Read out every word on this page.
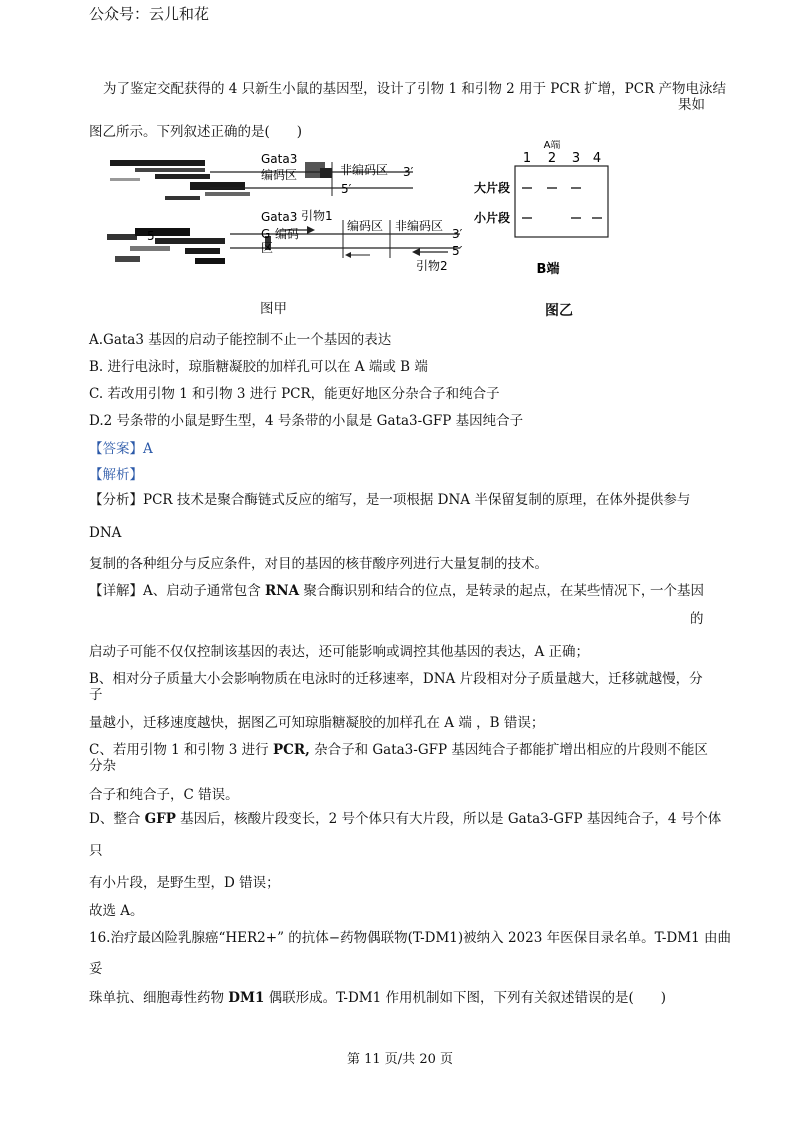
公众号：云儿和花
为了鉴定交配获得的 4 只新生小鼠的基因型，设计了引物 1 和引物 2 用于 PCR 扩增，PCR 产物电泳结
果如
图乙所示。下列叙述正确的是(　　)
Gata3
编码区	非编码区 3′
5′
Gata3 引物1
编码
区
5	G
编码区 非编码区
3′
5′
引物2
图甲
A端
1 2 3 4
大片段
小片段
B端
图乙
A.Gata3 基因的启动子能控制不止一个基因的表达
B. 进行电泳时，琼脂糖凝胶的加样孔可以在 A 端或 B 端
C. 若改用引物 1 和引物 3 进行 PCR，能更好地区分杂合子和纯合子
D.2 号条带的小鼠是野生型，4 号条带的小鼠是 Gata3-GFP 基因纯合子
【答案】A
【解析】
【分析】PCR 技术是聚合酶链式反应的缩写，是一项根据 DNA 半保留复制的原理，在体外提供参与
DNA
复制的各种组分与反应条件，对目的基因的核苷酸序列进行大量复制的技术。
【详解】A、启动子通常包含 RNA 聚合酶识别和结合的位点，是转录的起点，在某些情况下，
一个基因
的
启动子可能不仅仅控制该基因的表达，还可能影响或调控其他基因的表达，A 正确；
B、相对分子质量大小会影响物质在电泳时的迁移速率，DNA 片段相对分子质量越大，迁移就越慢，分
子
量越小，迁移速度越快，据图乙可知琼脂糖凝胶的加样孔在 A 端 ，B 错误；
C、若用引物 1 和引物 3 进行 PCR, 杂合子和 Gata3-GFP 基因纯合子都能扩增出相应的片段则不能区
分杂
合子和纯合子，C 错误。
D、整合 GFP 基因后，核酸片段变长，2 号个体只有大片段，所以是 Gata3-GFP 基因纯合子，4 号个体
只
有小片段，是野生型，D 错误；
故选 A。
16.治疗最凶险乳腺癌“HER2+” 的抗体−药物偶联物(T-DM1)被纳入 2023 年医保目录名单。T-DM1 由曲
妥
珠单抗、细胞毒性药物 DM1 偶联形成。T-DM1 作用机制如下图，下列有关叙述错误的是(　　)
第 11 页/共 20 页
